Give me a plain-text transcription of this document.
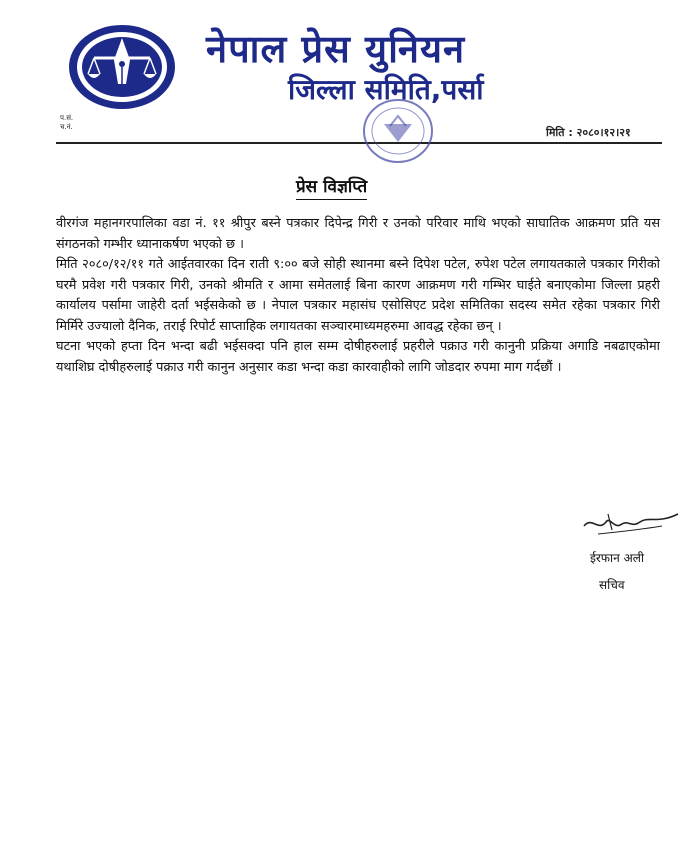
नेपाल प्रेस युनियन
जिल्ला समिति,पर्सा
प.सं.
च.नं.	मिति : २०८०।१२।२१
प्रेस विज्ञप्ति

वीरगंज महानगरपालिका वडा नं. ११ श्रीपुर बस्ने पत्रकार दिपेन्द्र गिरी र उनको परिवार माथि भएको साघातिक आक्रमण प्रति यस संगठनको गम्भीर ध्यानाकर्षण भएको छ ।

मिति २०८०/१२/११ गते आईतवारका दिन राती ९:०० बजे सोही स्थानमा बस्ने दिपेश पटेल, रुपेश पटेल लगायतकाले पत्रकार गिरीको घरमै प्रवेश गरी पत्रकार गिरी, उनको श्रीमति र आमा समेतलाई बिना कारण आक्रमण गरी गम्भिर घाईते बनाएकोमा जिल्ला प्रहरी कार्यालय पर्सामा जाहेरी दर्ता भईसकेको छ । नेपाल पत्रकार महासंघ एसोसिएट प्रदेश समितिका सदस्य समेत रहेका पत्रकार गिरी मिर्मिरे उज्यालो दैनिक, तराई रिपोर्ट साप्ताहिक लगायतका सञ्चारमाध्यमहरुमा आवद्ध रहेका छन् ।

घटना भएको हप्ता दिन भन्दा बढी भईसक्दा पनि हाल सम्म दोषीहरुलाई प्रहरीले पक्राउ गरी कानुनी प्रक्रिया अगाडि नबढाएकोमा यथाशिघ्र दोषीहरुलाई पक्राउ गरी कानुन अनुसार कडा भन्दा कडा कारवाहीको लागि जोडदार रुपमा माग गर्दछौं ।

ईरफान अली
सचिव
